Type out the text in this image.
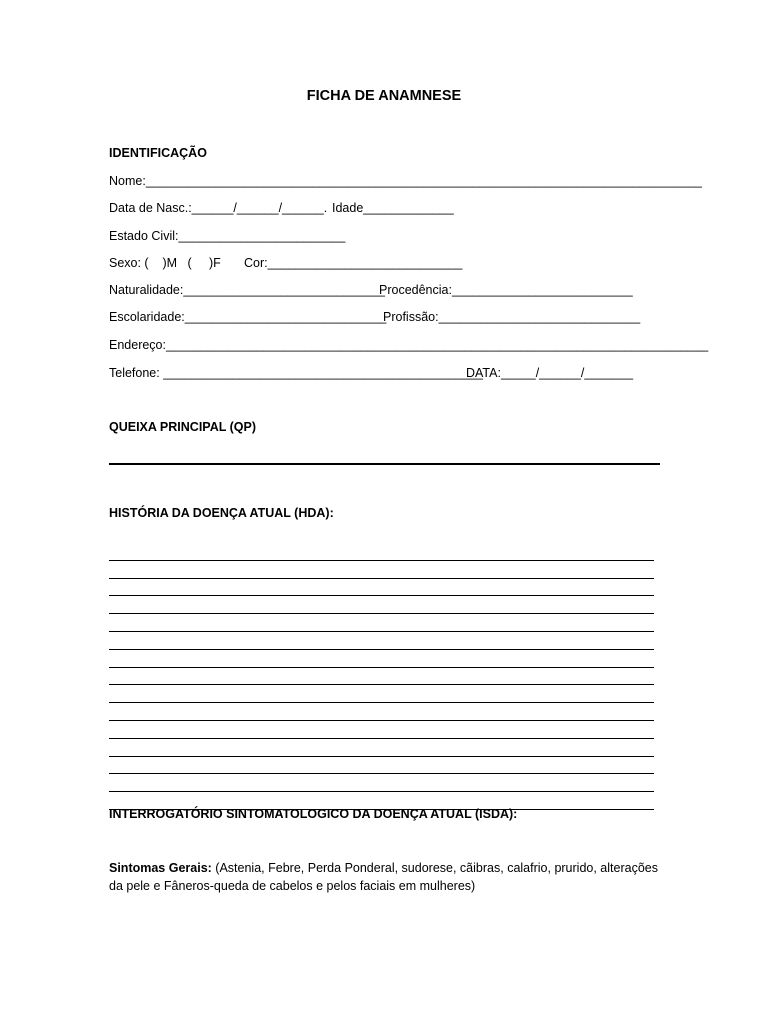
FICHA DE ANAMNESE
IDENTIFICAÇÃO
Nome:________________________________________________________________________________
Data de Nasc.:______/______/______. Idade_____________
Estado Civil:________________________
Sexo: (    )M   (     )F Cor:____________________________
Naturalidade:_____________________________
Procedência:__________________________
Escolaridade:_____________________________
Profissão:_____________________________
Endereço:______________________________________________________________________________
Telefone: ______________________________________________
DATA:_____/______/_______
QUEIXA PRINCIPAL (QP)
HISTÓRIA DA DOENÇA ATUAL (HDA):
INTERROGATÓRIO SINTOMATOLOGICO DA DOENÇA ATUAL (ISDA):
Sintomas Gerais: (Astenia, Febre, Perda Ponderal, sudorese, cãibras, calafrio, prurido, alterações da pele e Fâneros-queda de cabelos e pelos faciais em mulheres)
